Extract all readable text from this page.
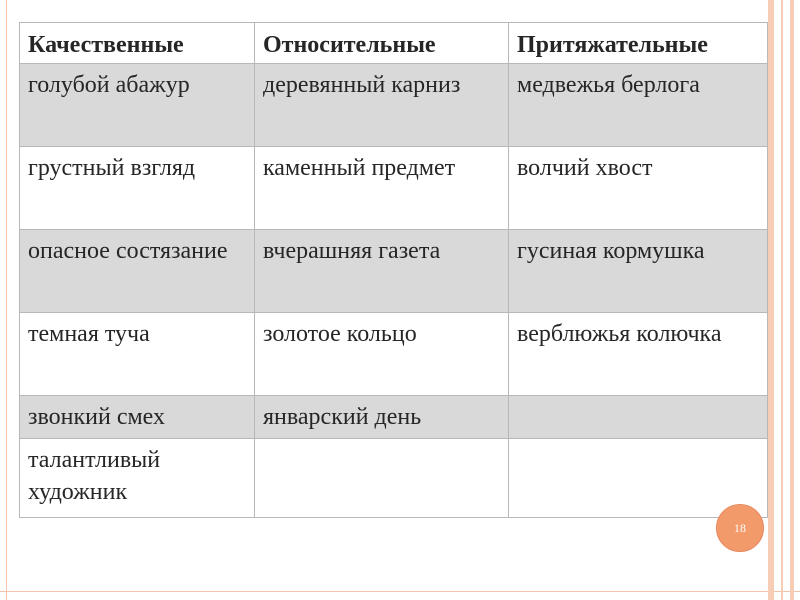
Качественные	Относительные	Притяжательные
голубой абажур	деревянный карниз	медвежья берлога
грустный взгляд	каменный предмет	волчий хвост
опасное состязание	вчерашняя газета	гусиная кормушка
темная туча	золотое кольцо	верблюжья колючка
звонкий смех	январский день	
талантливый художник		
18
